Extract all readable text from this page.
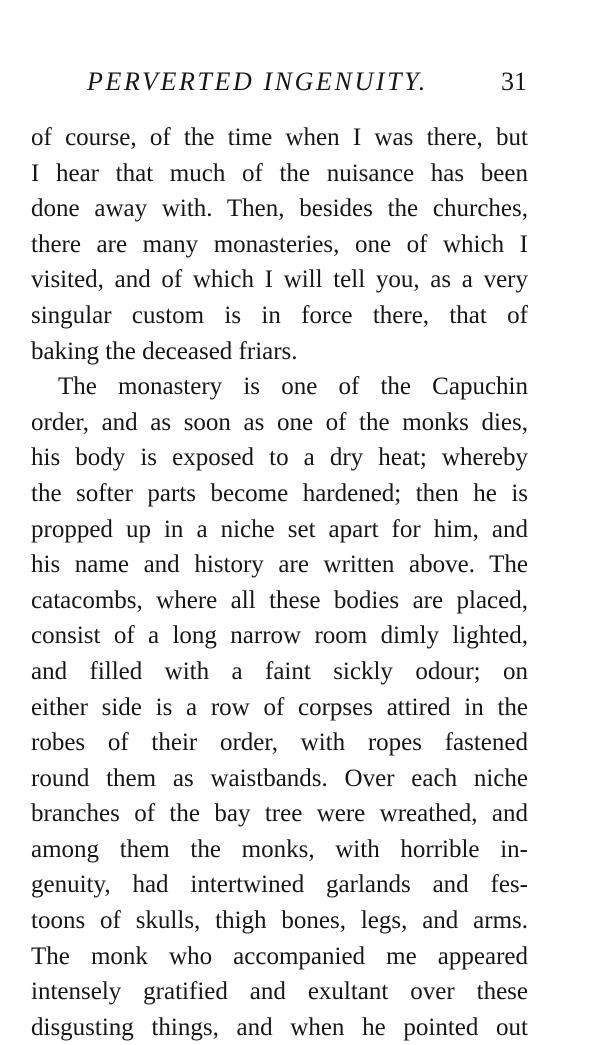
PERVERTED INGENUITY.	31
of course, of the time when I was there, but
I hear that much of the nuisance has been
done away with. Then, besides the churches,
there are many monasteries, one of which I
visited, and of which I will tell you, as a very
singular custom is in force there, that of
baking the deceased friars.
The monastery is one of the Capuchin
order, and as soon as one of the monks dies,
his body is exposed to a dry heat; whereby
the softer parts become hardened; then he is
propped up in a niche set apart for him, and
his name and history are written above. The
catacombs, where all these bodies are placed,
consist of a long narrow room dimly lighted,
and filled with a faint sickly odour; on
either side is a row of corpses attired in the
robes of their order, with ropes fastened
round them as waistbands. Over each niche
branches of the bay tree were wreathed, and
among them the monks, with horrible in-
genuity, had intertwined garlands and fes-
toons of skulls, thigh bones, legs, and arms.
The monk who accompanied me appeared
intensely gratified and exultant over these
disgusting things, and when he pointed out
